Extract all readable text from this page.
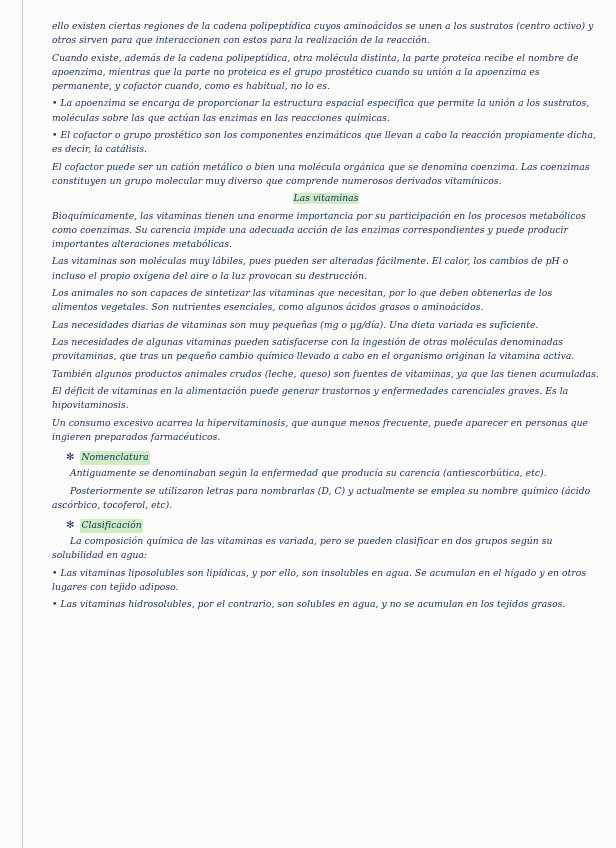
ello existen ciertas regiones de la cadena polipeptídica cuyos aminoácidos se unen a los sustratos (centro activo) y otros sirven para que interaccionen con estos para la realización de la reacción.

Cuando existe, además de la cadena polipeptídica, otra molécula distinta, la parte proteica recibe el nombre de apoenzima, mientras que la parte no proteica es el grupo prostético cuando su unión a la apoenzima es permanente, y cofactor cuando, como es habitual, no lo es.

• La apoenzima se encarga de proporcionar la estructura espacial específica que permite la unión a los sustratos, moléculas sobre las que actúan las enzimas en las reacciones químicas.

• El cofactor o grupo prostético son los componentes enzimáticos que llevan a cabo la reacción propiamente dicha, es decir, la catálisis.

El cofactor puede ser un catión metálico o bien una molécula orgánica que se denomina coenzima. Las coenzimas constituyen un grupo molecular muy diverso que comprende numerosos derivados vitamínicos.

Las vitaminas

Bioquímicamente, las vitaminas tienen una enorme importancia por su participación en los procesos metabólicos como coenzimas. Su carencia impide una adecuada acción de las enzimas correspondientes y puede producir importantes alteraciones metabólicas.

Las vitaminas son moléculas muy lábiles, pues pueden ser alteradas fácilmente. El calor, los cambios de pH o incluso el propio oxígeno del aire o la luz provocan su destrucción.

Los animales no son capaces de sintetizar las vitaminas que necesitan, por lo que deben obtenerlas de los alimentos vegetales. Son nutrientes esenciales, como algunos ácidos grasos o aminoácidos.

Las necesidades diarias de vitaminas son muy pequeñas (mg o µg/día). Una dieta variada es suficiente.

Las necesidades de algunas vitaminas pueden satisfacerse con la ingestión de otras moléculas denominadas provitaminas, que tras un pequeño cambio químico llevado a cabo en el organismo originan la vitamina activa.

También algunos productos animales crudos (leche, queso) son fuentes de vitaminas, ya que las tienen acumuladas.

El déficit de vitaminas en la alimentación puede generar trastornos y enfermedades carenciales graves. Es la hipovitaminosis.

Un consumo excesivo acarrea la hipervitaminosis, que aunque menos frecuente, puede aparecer en personas que ingieren preparados farmacéuticos.

✻ Nomenclatura

Antiguamente se denominaban según la enfermedad que producía su carencia (antiescorbútica, etc).

Posteriormente se utilizaron letras para nombrarlas (D, C) y actualmente se emplea su nombre químico (ácido ascórbico, tocoferol, etc).

✻ Clasificación

La composición química de las vitaminas es variada, pero se pueden clasificar en dos grupos según su solubilidad en agua:

• Las vitaminas liposolubles son lipídicas, y por ello, son insolubles en agua. Se acumulan en el hígado y en otros lugares con tejido adiposo.

• Las vitaminas hidrosolubles, por el contrario, son solubles en agua, y no se acumulan en los tejidos grasos.
